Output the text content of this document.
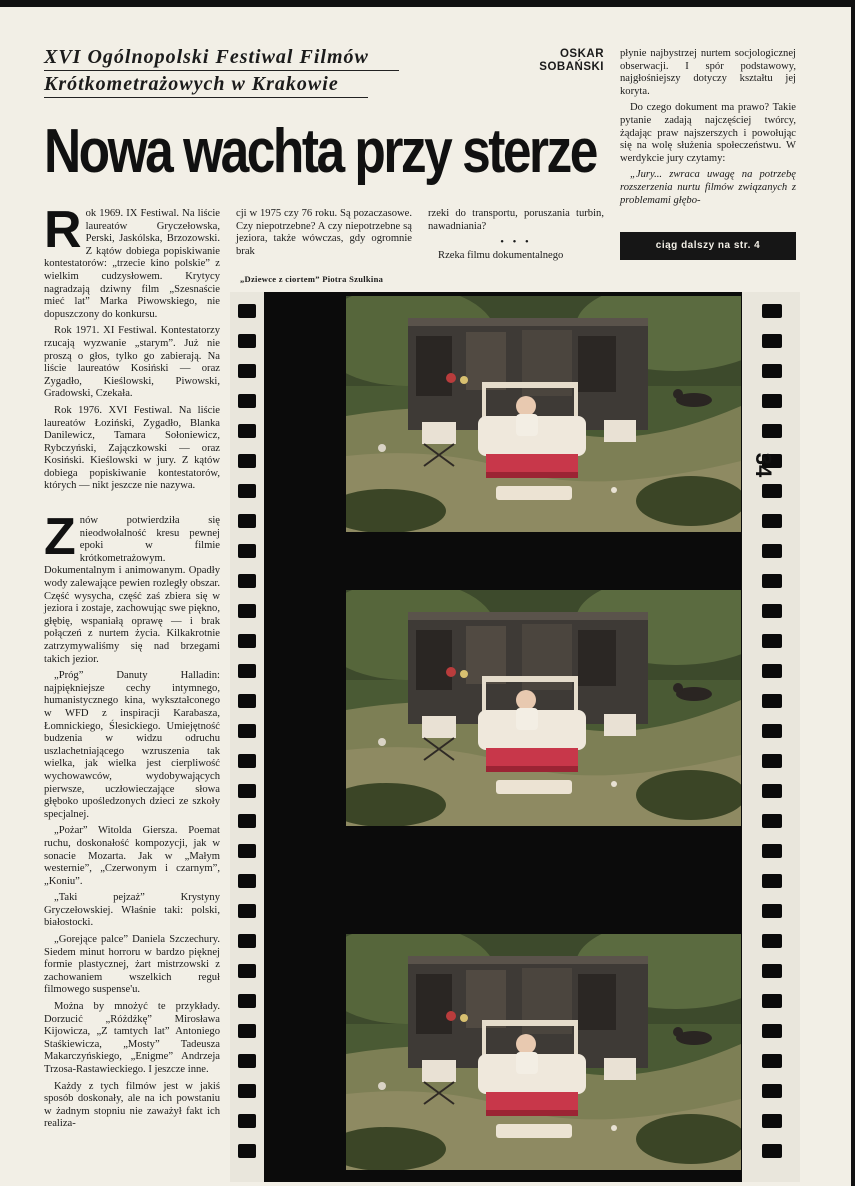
XVI Ogólnopolski Festiwal Filmów
Krótkometrażowych w Krakowie
OSKAR
SOBAŃSKI
Nowa wachta przy sterze

Rok 1969. IX Festiwal. Na liście laureatów Gryczełowska, Perski, Jaskólska, Brzozowski. Z kątów dobiega popiskiwanie kontestatorów: „trzecie kino polskie” z wielkim cudzysłowem. Krytycy nagradzają dziwny film „Szesnaście mieć lat” Marka Piwowskiego, nie dopuszczony do konkursu.

Rok 1971. XI Festiwal. Kontestatorzy rzucają wyzwanie „starym”. Już nie proszą o głos, tylko go zabierają. Na liście laureatów Kosiński — oraz Zygadło, Kieślowski, Piwowski, Gradowski, Czekała.

Rok 1976. XVI Festiwal. Na liście laureatów Łoziński, Zygadło, Blanka Danilewicz, Tamara Sołoniewicz, Rybczyński, Zajączkowski — oraz Kosiński. Kieślowski w jury. Z kątów dobiega popiskiwanie kontestatorów, których — nikt jeszcze nie nazywa.

Znów potwierdziła się nieodwołalność kresu pewnej epoki w filmie krótkometrażowym. Dokumentalnym i animowanym. Opadły wody zalewające pewien rozległy obszar. Część wysycha, część zaś zbiera się w jeziora i zostaje, zachowując swe piękno, głębię, wspaniałą oprawę — i brak połączeń z nurtem życia. Kilkakrotnie zatrzymywaliśmy się nad brzegami takich jezior.

„Próg” Danuty Halladin: najpiękniejsze cechy intymnego, humanistycznego kina, wykształconego w WFD z inspiracji Karabasza, Łomnickiego, Ślesickiego. Umiejętność budzenia w widzu odruchu uszlachetniającego wzruszenia tak wielka, jak wielka jest cierpliwość wychowawców, wydobywających pierwsze, uczłowieczające słowa głęboko upośledzonych dzieci ze szkoły specjalnej.

„Pożar” Witolda Giersza. Poemat ruchu, doskonałość kompozycji, jak w sonacie Mozarta. Jak w „Małym westernie”, „Czerwonym i czarnym”, „Koniu”.

„Taki pejzaż” Krystyny Gryczełowskiej. Właśnie taki: polski, białostocki.

„Gorejące palce” Daniela Szczechury. Siedem minut horroru w bardzo pięknej formie plastycznej, żart mistrzowski z zachowaniem wszelkich reguł filmowego suspense'u.

Można by mnożyć te przykłady. Dorzucić „Różdżkę” Mirosława Kijowicza, „Z tamtych lat” Antoniego Staśkiewicza, „Mosty” Tadeusza Makarczyńskiego, „Enigme” Andrzeja Trzosa-Rastawieckiego. I jeszcze inne.

Każdy z tych filmów jest w jakiś sposób doskonały, ale na ich powstaniu w żadnym stopniu nie zaważył fakt ich realiza-

cji w 1975 czy 76 roku. Są pozaczasowe. Czy niepotrzebne? A czy niepotrzebne są jeziora, także wówczas, gdy ogromnie brak

rzeki do transportu, poruszania turbin, nawadniania?

• • •

Rzeka filmu dokumentalnego

płynie najbystrzej nurtem socjologicznej obserwacji. I spór podstawowy, najgłośniejszy dotyczy kształtu jej koryta.

Do czego dokument ma prawo? Takie pytanie zadają najczęściej twórcy, żądając praw najszerszych i powołując się na wolę służenia społeczeństwu. W werdykcie jury czytamy:

„Jury... zwraca uwagę na potrzebę rozszerzenia nurtu filmów związanych z problemami głębo-

ciąg dalszy na str. 4
„Dziewce z ciortem” Piotra Szulkina
34
